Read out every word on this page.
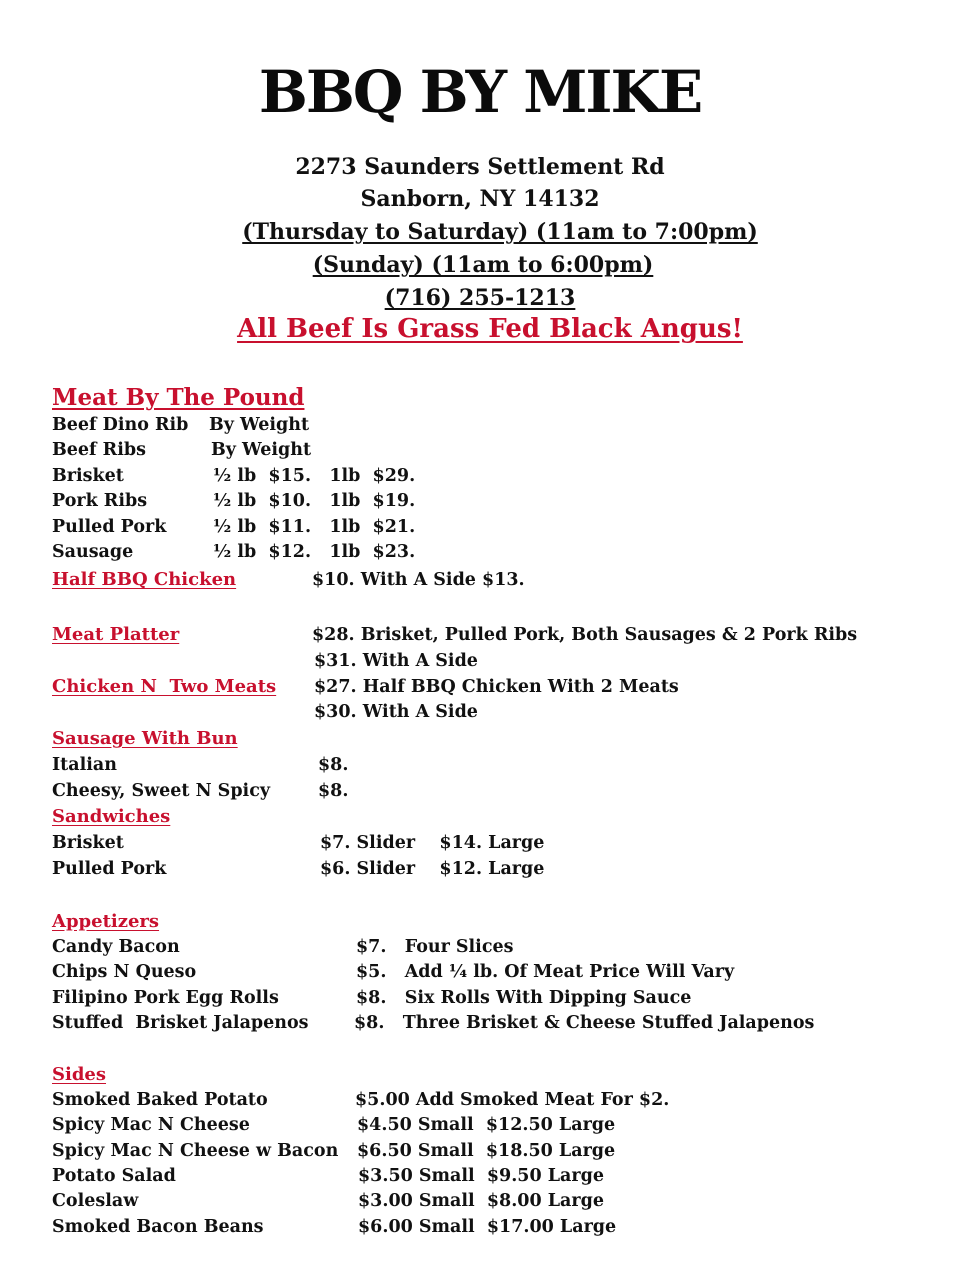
BBQ BY MIKE
2273 Saunders Settlement Rd
Sanborn, NY 14132
(Thursday to Saturday) (11am to 7:00pm)
(Sunday) (11am to 6:00pm)
(716) 255-1213
All Beef Is Grass Fed Black Angus!
Meat By The Pound
Beef Dino Rib By Weight
Beef Ribs	By Weight
Brisket	½ lb  $15.   1lb  $29.
Pork Ribs	½ lb  $10.   1lb  $19.
Pulled Pork	½ lb  $11.   1lb  $21.
Sausage	½ lb  $12.   1lb  $23.
Half BBQ Chicken	$10. With A Side $13.
Meat Platter	$28. Brisket, Pulled Pork, Both Sausages & 2 Pork Ribs
$31. With A Side
Chicken N  Two Meats $27. Half BBQ Chicken With 2 Meats
$30. With A Side
Sausage With Bun
Italian	$8.
Cheesy, Sweet N Spicy	$8.
Sandwiches
Brisket	$7. Slider    $14. Large
Pulled Pork	$6. Slider    $12. Large
Appetizers
Candy Bacon	$7.   Four Slices
Chips N Queso	$5.   Add ¼ lb. Of Meat Price Will Vary
Filipino Pork Egg Rolls	$8.   Six Rolls With Dipping Sauce
Stuffed  Brisket Jalapenos	$8.   Three Brisket & Cheese Stuffed Jalapenos
Sides
Smoked Baked Potato	$5.00 Add Smoked Meat For $2.
Spicy Mac N Cheese	$4.50 Small  $12.50 Large
Spicy Mac N Cheese w Bacon $6.50 Small  $18.50 Large
Potato Salad	$3.50 Small  $9.50 Large
Coleslaw	$3.00 Small  $8.00 Large
Smoked Bacon Beans	$6.00 Small  $17.00 Large
